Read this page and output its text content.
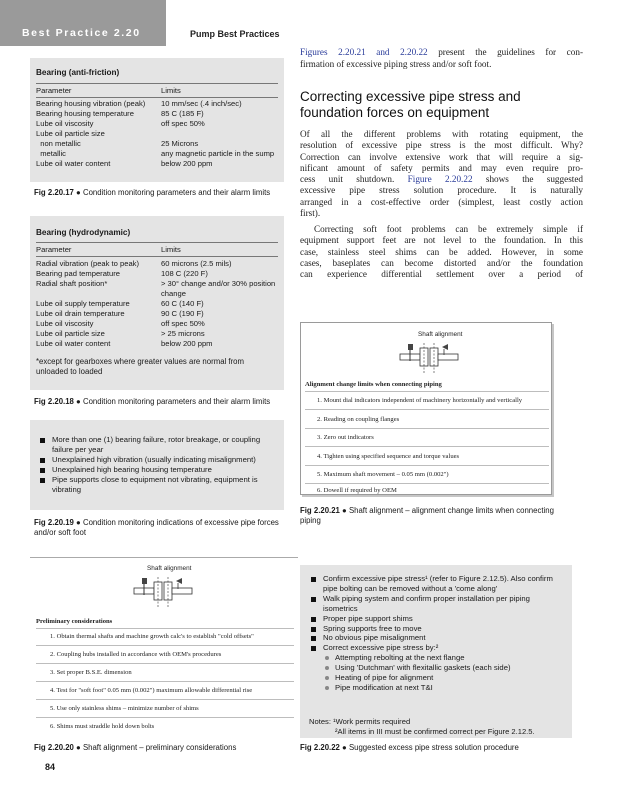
Best Practice 2.20	Pump Best Practices
Bearing (anti-friction)
Parameter	Limits
Bearing housing vibration (peak) 10 mm/sec (.4 inch/sec)
Bearing housing temperature	85 C (185 F)
Lube oil viscosity	off spec 50%
Lube oil particle size
non metallic	25 Microns
metallic	any magnetic particle in the sump
Lube oil water content	below 200 ppm
Fig 2.20.17 ● Condition monitoring parameters and their alarm limits
Bearing (hydrodynamic)
Parameter	Limits
Radial vibration (peak to peak)	60 microns (2.5 mils)
Bearing pad temperature	108 C (220 F)
Radial shaft position*	> 30° change and/or 30% position
change
Lube oil supply temperature	60 C (140 F)
Lube oil drain temperature	90 C (190 F)
Lube oil viscosity	off spec 50%
Lube oil particle size	> 25 microns
Lube oil water content	below 200 ppm
*except for gearboxes where greater values are normal from
unloaded to loaded
Fig 2.20.18 ● Condition monitoring parameters and their alarm limits
More than one (1) bearing failure, rotor breakage, or coupling failure per year
Unexplained high vibration (usually indicating misalignment)
Unexplained high bearing housing temperature
Pipe supports close to equipment not vibrating, equipment is vibrating
Fig 2.20.19 ● Condition monitoring indications of excessive pipe forces and/or soft foot
Figures 2.20.21 and 2.20.22 present the guidelines for con-
firmation of excessive piping stress and/or soft foot.
Correcting excessive pipe stress and
foundation forces on equipment
Of all the different problems with rotating equipment, the
resolution of excessive pipe stress is the most difficult. Why?
Correction can involve extensive work that will require a sig-
nificant amount of safety permits and may even require pro-
cess unit shutdown. Figure 2.20.22 shows the suggested
excessive pipe stress solution procedure. It is naturally
arranged in a cost-effective order (simplest, least costly action
first).
Correcting soft foot problems can be extremely simple if
equipment support feet are not level to the foundation. In this
case, stainless steel shims can be added. However, in some
cases, baseplates can become distorted and/or the foundation
can experience differential settlement over a period of
Shaft alignment
Alignment change limits when connecting piping
1. Mount dial indicators independent of machinery horizontally and vertically
2. Reading on coupling flanges
3. Zero out indicators
4. Tighten using specified sequence and torque values
5. Maximum shaft movement – 0.05 mm (0.002")
6. Dowell if required by OEM
Fig 2.20.21 ● Shaft alignment – alignment change limits when connecting piping
Shaft alignment
Preliminary considerations
1. Obtain thermal shafts and machine growth calc's to establish "cold offsets"
2. Coupling hubs installed in accordance with OEM's procedures
3. Set proper B.S.E. dimension
4. Test for "soft foot" 0.05 mm (0.002") maximum allowable differential rise
5. Use only stainless shims – minimize number of shims
6. Shims must straddle hold down bolts
Fig 2.20.20 ● Shaft alignment – preliminary considerations
Confirm excessive pipe stress¹ (refer to Figure 2.12.5). Also confirm pipe bolting can be removed without a 'come along'
Walk piping system and confirm proper installation per piping isometrics
Proper pipe support shims
Spring supports free to move
No obvious pipe misalignment
Correct excessive pipe stress by:²
Attempting rebolting at the next flange
Using 'Dutchman' with flexitallic gaskets (each side)
Heating of pipe for alignment
Pipe modification at next T&I
Notes: ¹Work permits required
²All items in III must be confirmed correct per Figure 2.12.5.
Fig 2.20.22 ● Suggested excess pipe stress solution procedure
84
